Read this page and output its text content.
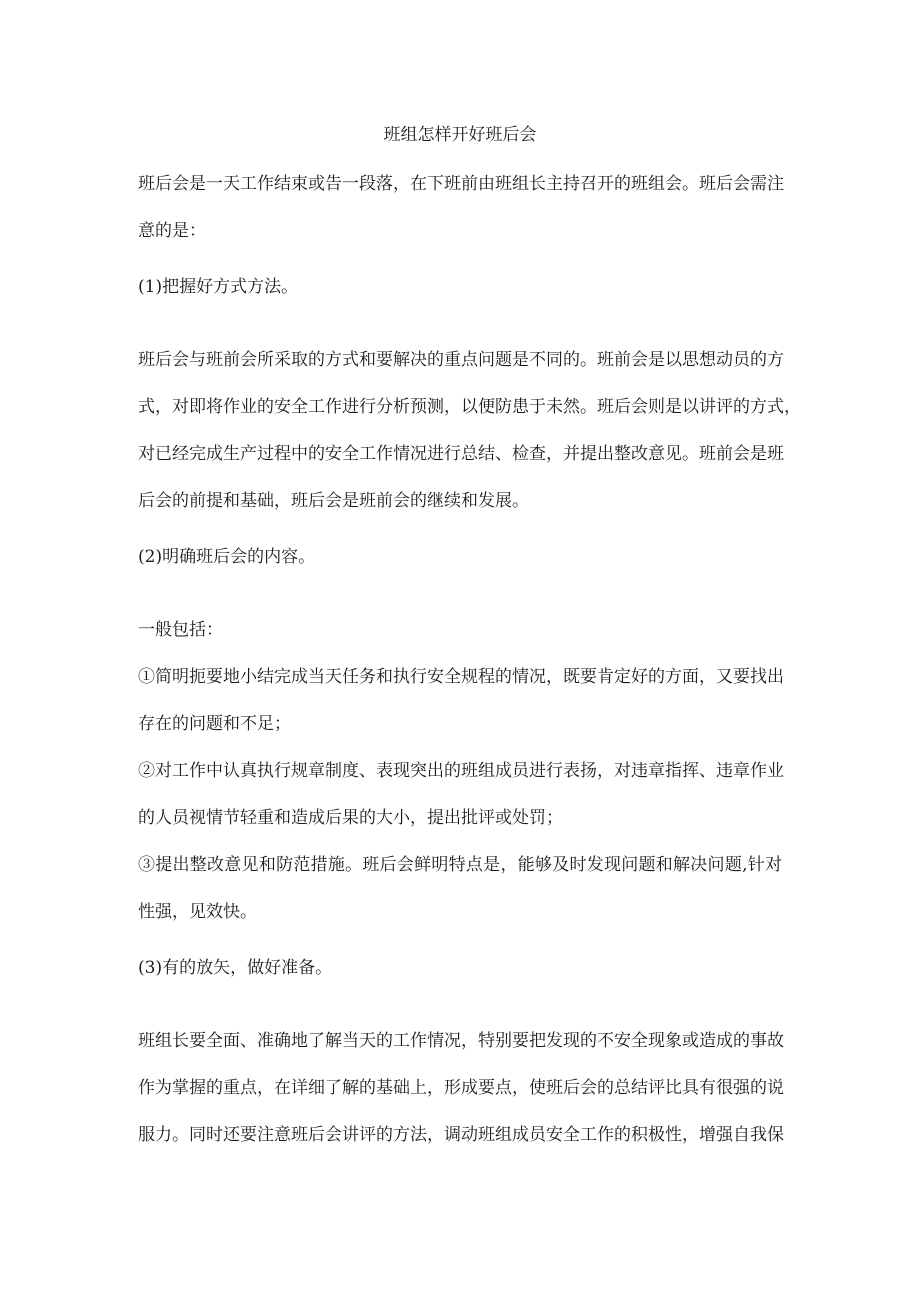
班组怎样开好班后会
班后会是一天工作结束或告一段落，在下班前由班组长主持召开的班组会。班后会需注
意的是：
(1)把握好方式方法。
班后会与班前会所采取的方式和要解决的重点问题是不同的。班前会是以思想动员的方
式，对即将作业的安全工作进行分析预测，以便防患于未然。班后会则是以讲评的方式，
对已经完成生产过程中的安全工作情况进行总结、检查，并提出整改意见。班前会是班
后会的前提和基础，班后会是班前会的继续和发展。
(2)明确班后会的内容。
一般包括：
①简明扼要地小结完成当天任务和执行安全规程的情况，既要肯定好的方面，又要找出
存在的问题和不足；
②对工作中认真执行规章制度、表现突出的班组成员进行表扬，对违章指挥、违章作业
的人员视情节轻重和造成后果的大小，提出批评或处罚；
③提出整改意见和防范措施。班后会鲜明特点是，能够及时发现问题和解决问题,针对
性强，见效快。
(3)有的放矢，做好准备。
班组长要全面、准确地了解当天的工作情况，特别要把发现的不安全现象或造成的事故
作为掌握的重点，在详细了解的基础上，形成要点，使班后会的总结评比具有很强的说
服力。同时还要注意班后会讲评的方法，调动班组成员安全工作的积极性，增强自我保
